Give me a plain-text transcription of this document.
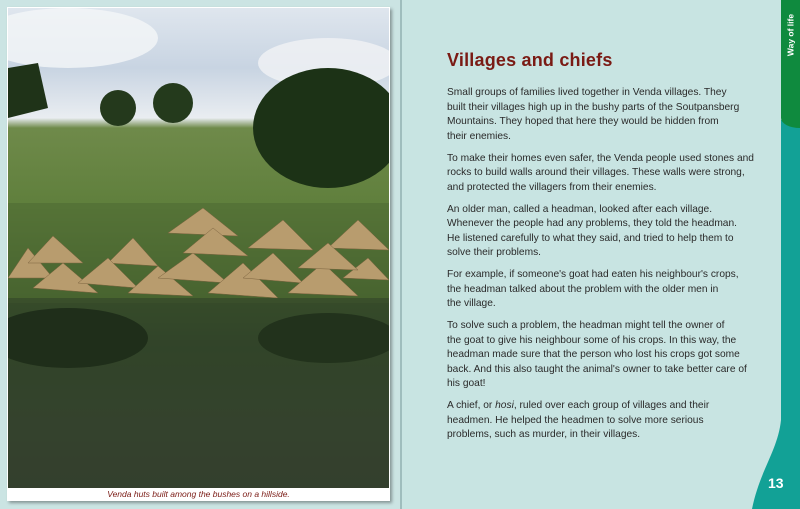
Venda huts built among the bushes on a hillside.
Way of life
Villages and chiefs

Small groups of families lived together in Venda villages. They
built their villages high up in the bushy parts of the Soutpansberg
Mountains. They hoped that here they would be hidden from
their enemies.

To make their homes even safer, the Venda people used stones and
rocks to build walls around their villages. These walls were strong,
and protected the villagers from their enemies.

An older man, called a headman, looked after each village.
Whenever the people had any problems, they told the headman.
He listened carefully to what they said, and tried to help them to
solve their problems.

For example, if someone's goat had eaten his neighbour's crops,
the headman talked about the problem with the older men in
the village.

To solve such a problem, the headman might tell the owner of
the goat to give his neighbour some of his crops. In this way, the
headman made sure that the person who lost his crops got some
back. And this also taught the animal's owner to take better care of
his goat!

A chief, or hosi, ruled over each group of villages and their
headmen. He helped the headmen to solve more serious
problems, such as murder, in their villages.

13
